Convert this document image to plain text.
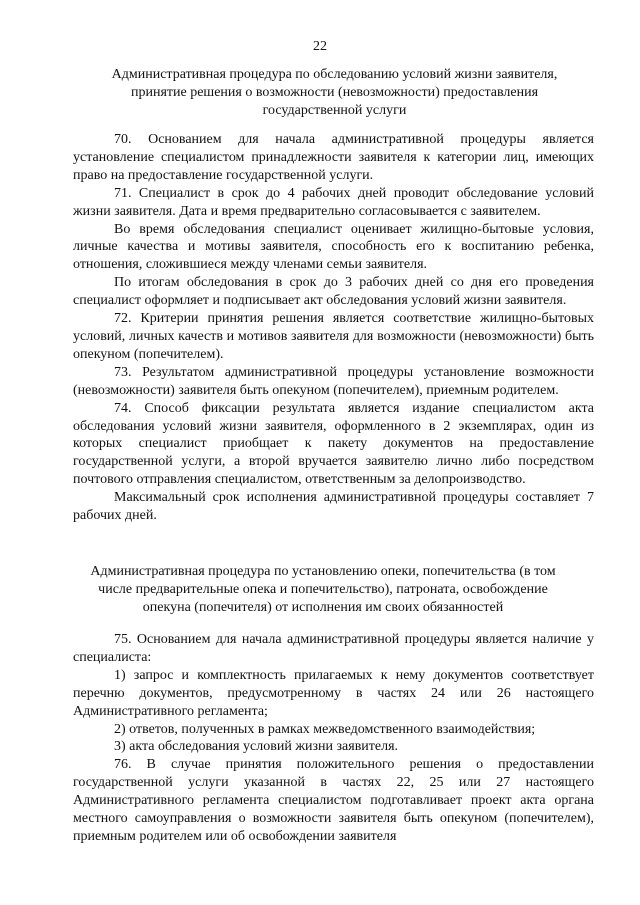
22
Административная процедура по обследованию условий жизни заявителя, принятие решения о возможности (невозможности) предоставления государственной услуги

70. Основанием для начала административной процедуры является установление специалистом принадлежности заявителя к категории лиц, имеющих право на предоставление государственной услуги.

71. Специалист в срок до 4 рабочих дней проводит обследование условий жизни заявителя. Дата и время предварительно согласовывается с заявителем.

Во время обследования специалист оценивает жилищно-бытовые условия, личные качества и мотивы заявителя, способность его к воспитанию ребенка, отношения, сложившиеся между членами семьи заявителя.

По итогам обследования в срок до 3 рабочих дней со дня его проведения специалист оформляет и подписывает акт обследования условий жизни заявителя.

72. Критерии принятия решения является соответствие жилищно-бытовых условий, личных качеств и мотивов заявителя для возможности (невозможности) быть опекуном (попечителем).

73. Результатом административной процедуры установление возможности (невозможности) заявителя быть опекуном (попечителем), приемным родителем.

74. Способ фиксации результата является издание специалистом акта обследования условий жизни заявителя, оформленного в 2 экземплярах, один из которых специалист приобщает к пакету документов на предоставление государственной услуги, а второй вручается заявителю лично либо посредством почтового отправления специалистом, ответственным за делопроизводство.

Максимальный срок исполнения административной процедуры составляет 7 рабочих дней.

Административная процедура по установлению опеки, попечительства (в том числе предварительные опека и попечительство), патроната, освобождение опекуна (попечителя) от исполнения им своих обязанностей

75. Основанием для начала административной процедуры является наличие у специалиста:

1) запрос и комплектность прилагаемых к нему документов соответствует перечню документов, предусмотренному в частях 24 или 26 настоящего Административного регламента;

2) ответов, полученных в рамках межведомственного взаимодействия;

3) акта обследования условий жизни заявителя.

76. В случае принятия положительного решения о предоставлении государственной услуги указанной в частях 22, 25 или 27 настоящего Административного регламента специалистом подготавливает проект акта органа местного самоуправления о возможности заявителя быть опекуном (попечителем), приемным родителем или об освобождении заявителя
